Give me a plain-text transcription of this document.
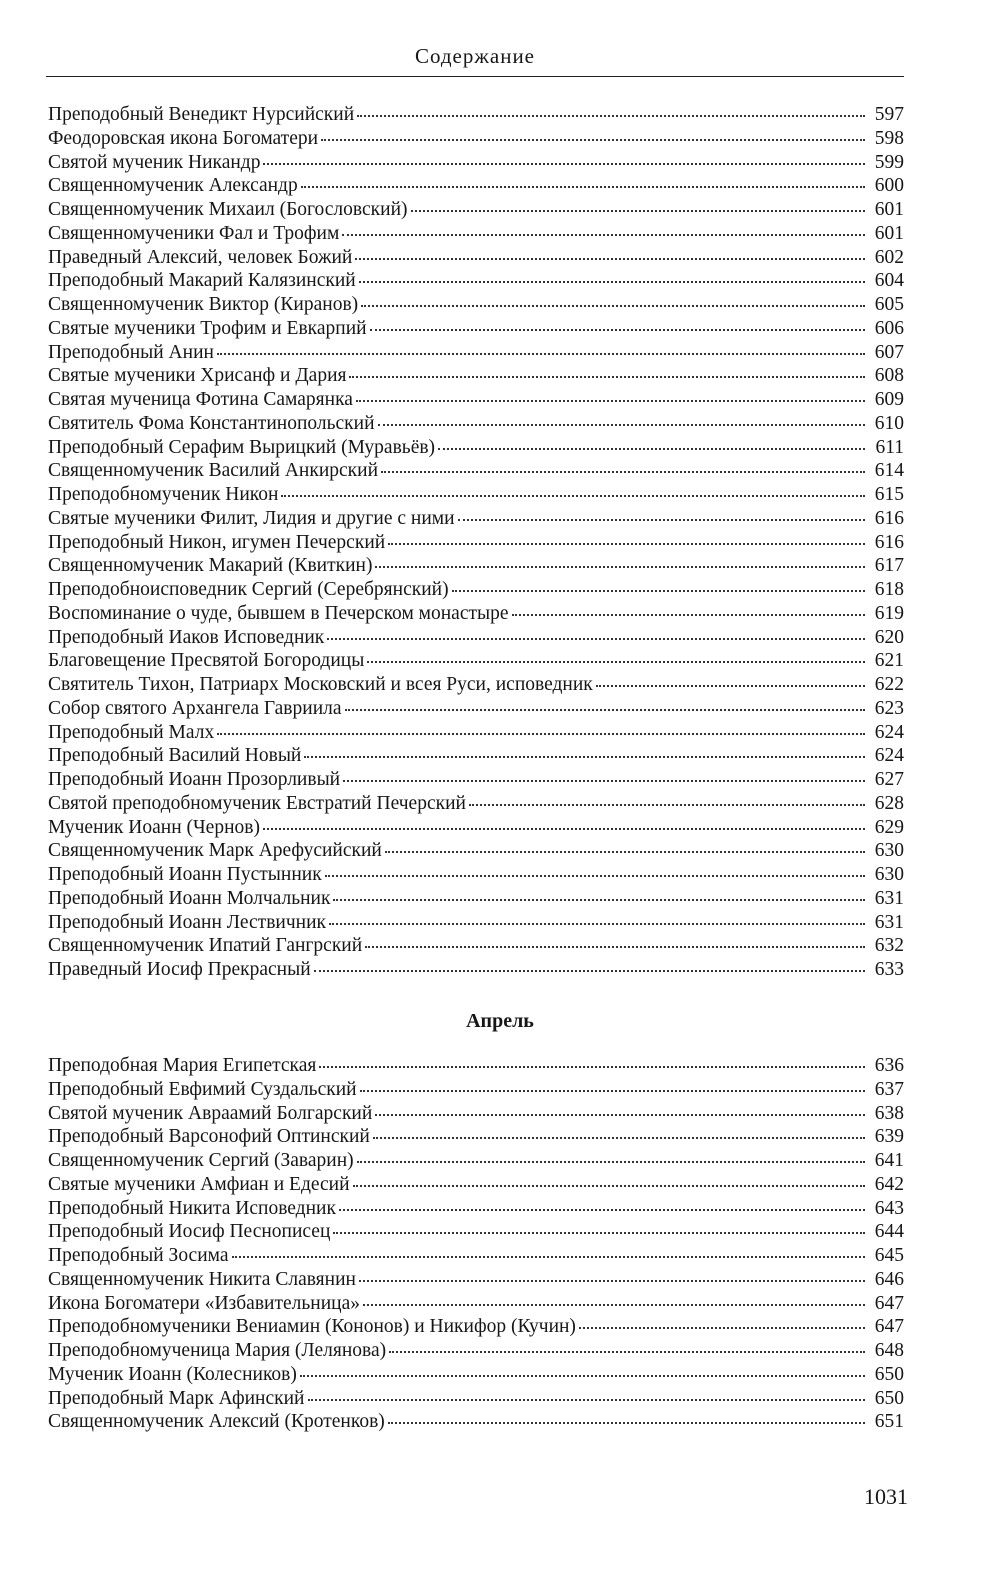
Содержание
Преподобный Венедикт Нурсийский	597
Феодоровская икона Богоматери	598
Святой мученик Никандр	599
Священномученик Александр	600
Священномученик Михаил (Богословский)	601
Священномученики Фал и Трофим	601
Праведный Алексий, человек Божий	602
Преподобный Макарий Калязинский	604
Священномученик Виктор (Киранов)	605
Святые мученики Трофим и Евкарпий	606
Преподобный Анин	607
Святые мученики Хрисанф и Дария	608
Святая мученица Фотина Самарянка	609
Святитель Фома Константинопольский	610
Преподобный Серафим Вырицкий (Муравьёв)	611
Священномученик Василий Анкирский	614
Преподобномученик Никон	615
Святые мученики Филит, Лидия и другие с ними	616
Преподобный Никон, игумен Печерский	616
Священномученик Макарий (Квиткин)	617
Преподобноисповедник Сергий (Серебрянский)	618
Воспоминание о чуде, бывшем в Печерском монастыре	619
Преподобный Иаков Исповедник	620
Благовещение Пресвятой Богородицы	621
Святитель Тихон, Патриарх Московский и всея Руси, исповедник	622
Собор святого Архангела Гавриила	623
Преподобный Малх	624
Преподобный Василий Новый	624
Преподобный Иоанн Прозорливый	627
Святой преподобномученик Евстратий Печерский	628
Мученик Иоанн (Чернов)	629
Священномученик Марк Арефусийский	630
Преподобный Иоанн Пустынник	630
Преподобный Иоанн Молчальник	631
Преподобный Иоанн Лествичник	631
Священномученик Ипатий Гангрский	632
Праведный Иосиф Прекрасный	633
Апрель
Преподобная Мария Египетская	636
Преподобный Евфимий Суздальский	637
Святой мученик Авраамий Болгарский	638
Преподобный Варсонофий Оптинский	639
Священномученик Сергий (Заварин)	641
Святые мученики Амфиан и Едесий	642
Преподобный Никита Исповедник	643
Преподобный Иосиф Песнописец	644
Преподобный Зосима	645
Священномученик Никита Славянин	646
Икона Богоматери «Избавительница»	647
Преподобномученики Вениамин (Кононов) и Никифор (Кучин)	647
Преподобномученица Мария (Лелянова)	648
Мученик Иоанн (Колесников)	650
Преподобный Марк Афинский	650
Священномученик Алексий (Кротенков)	651
1031
